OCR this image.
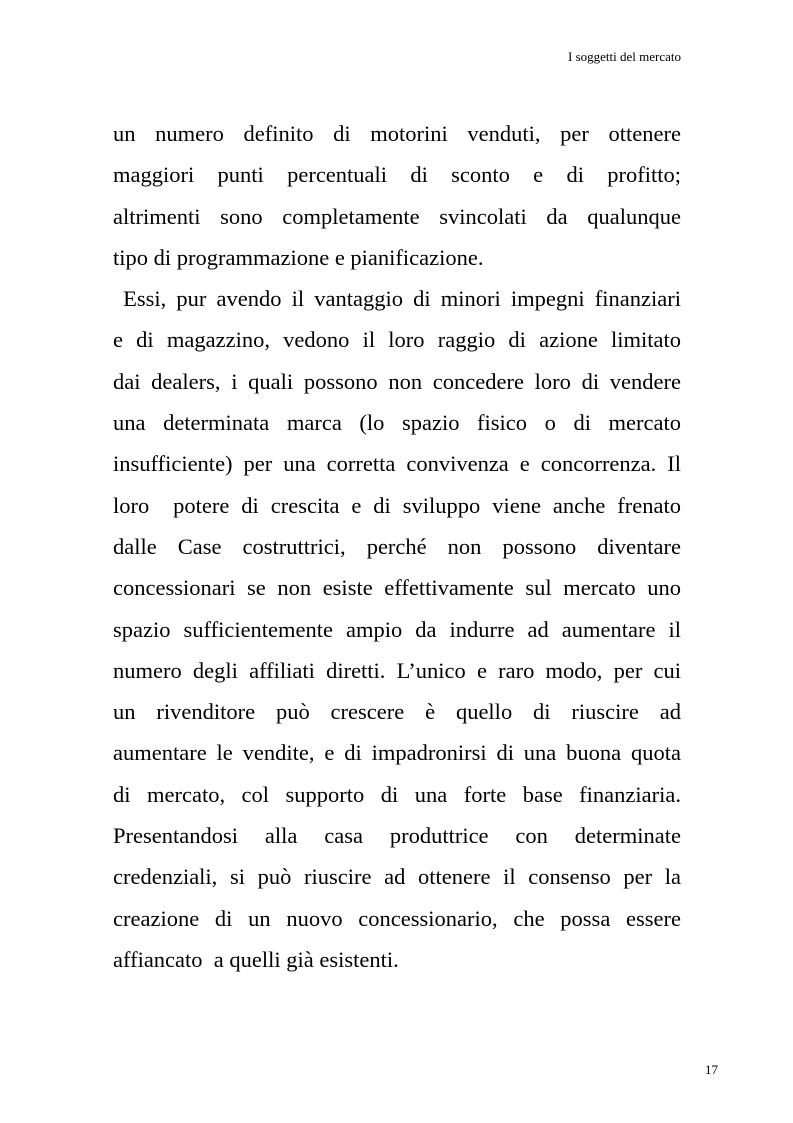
I soggetti del mercato
un numero definito di motorini venduti, per ottenere
maggiori punti percentuali di sconto e di profitto;
altrimenti sono completamente svincolati da qualunque
tipo di programmazione e pianificazione.
Essi, pur avendo il vantaggio di minori impegni finanziari
e di magazzino, vedono il loro raggio di azione limitato
dai dealers, i quali possono non concedere loro di vendere
una determinata marca (lo spazio fisico o di mercato
insufficiente) per una corretta convivenza e concorrenza. Il
loro  potere di crescita e di sviluppo viene anche frenato
dalle Case costruttrici, perché non possono diventare
concessionari se non esiste effettivamente sul mercato uno
spazio sufficientemente ampio da indurre ad aumentare il
numero degli affiliati diretti. L’unico e raro modo, per cui
un rivenditore può crescere è quello di riuscire ad
aumentare le vendite, e di impadronirsi di una buona quota
di mercato, col supporto di una forte base finanziaria.
Presentandosi alla casa produttrice con determinate
credenziali, si può riuscire ad ottenere il consenso per la
creazione di un nuovo concessionario, che possa essere
affiancato  a quelli già esistenti.
17
